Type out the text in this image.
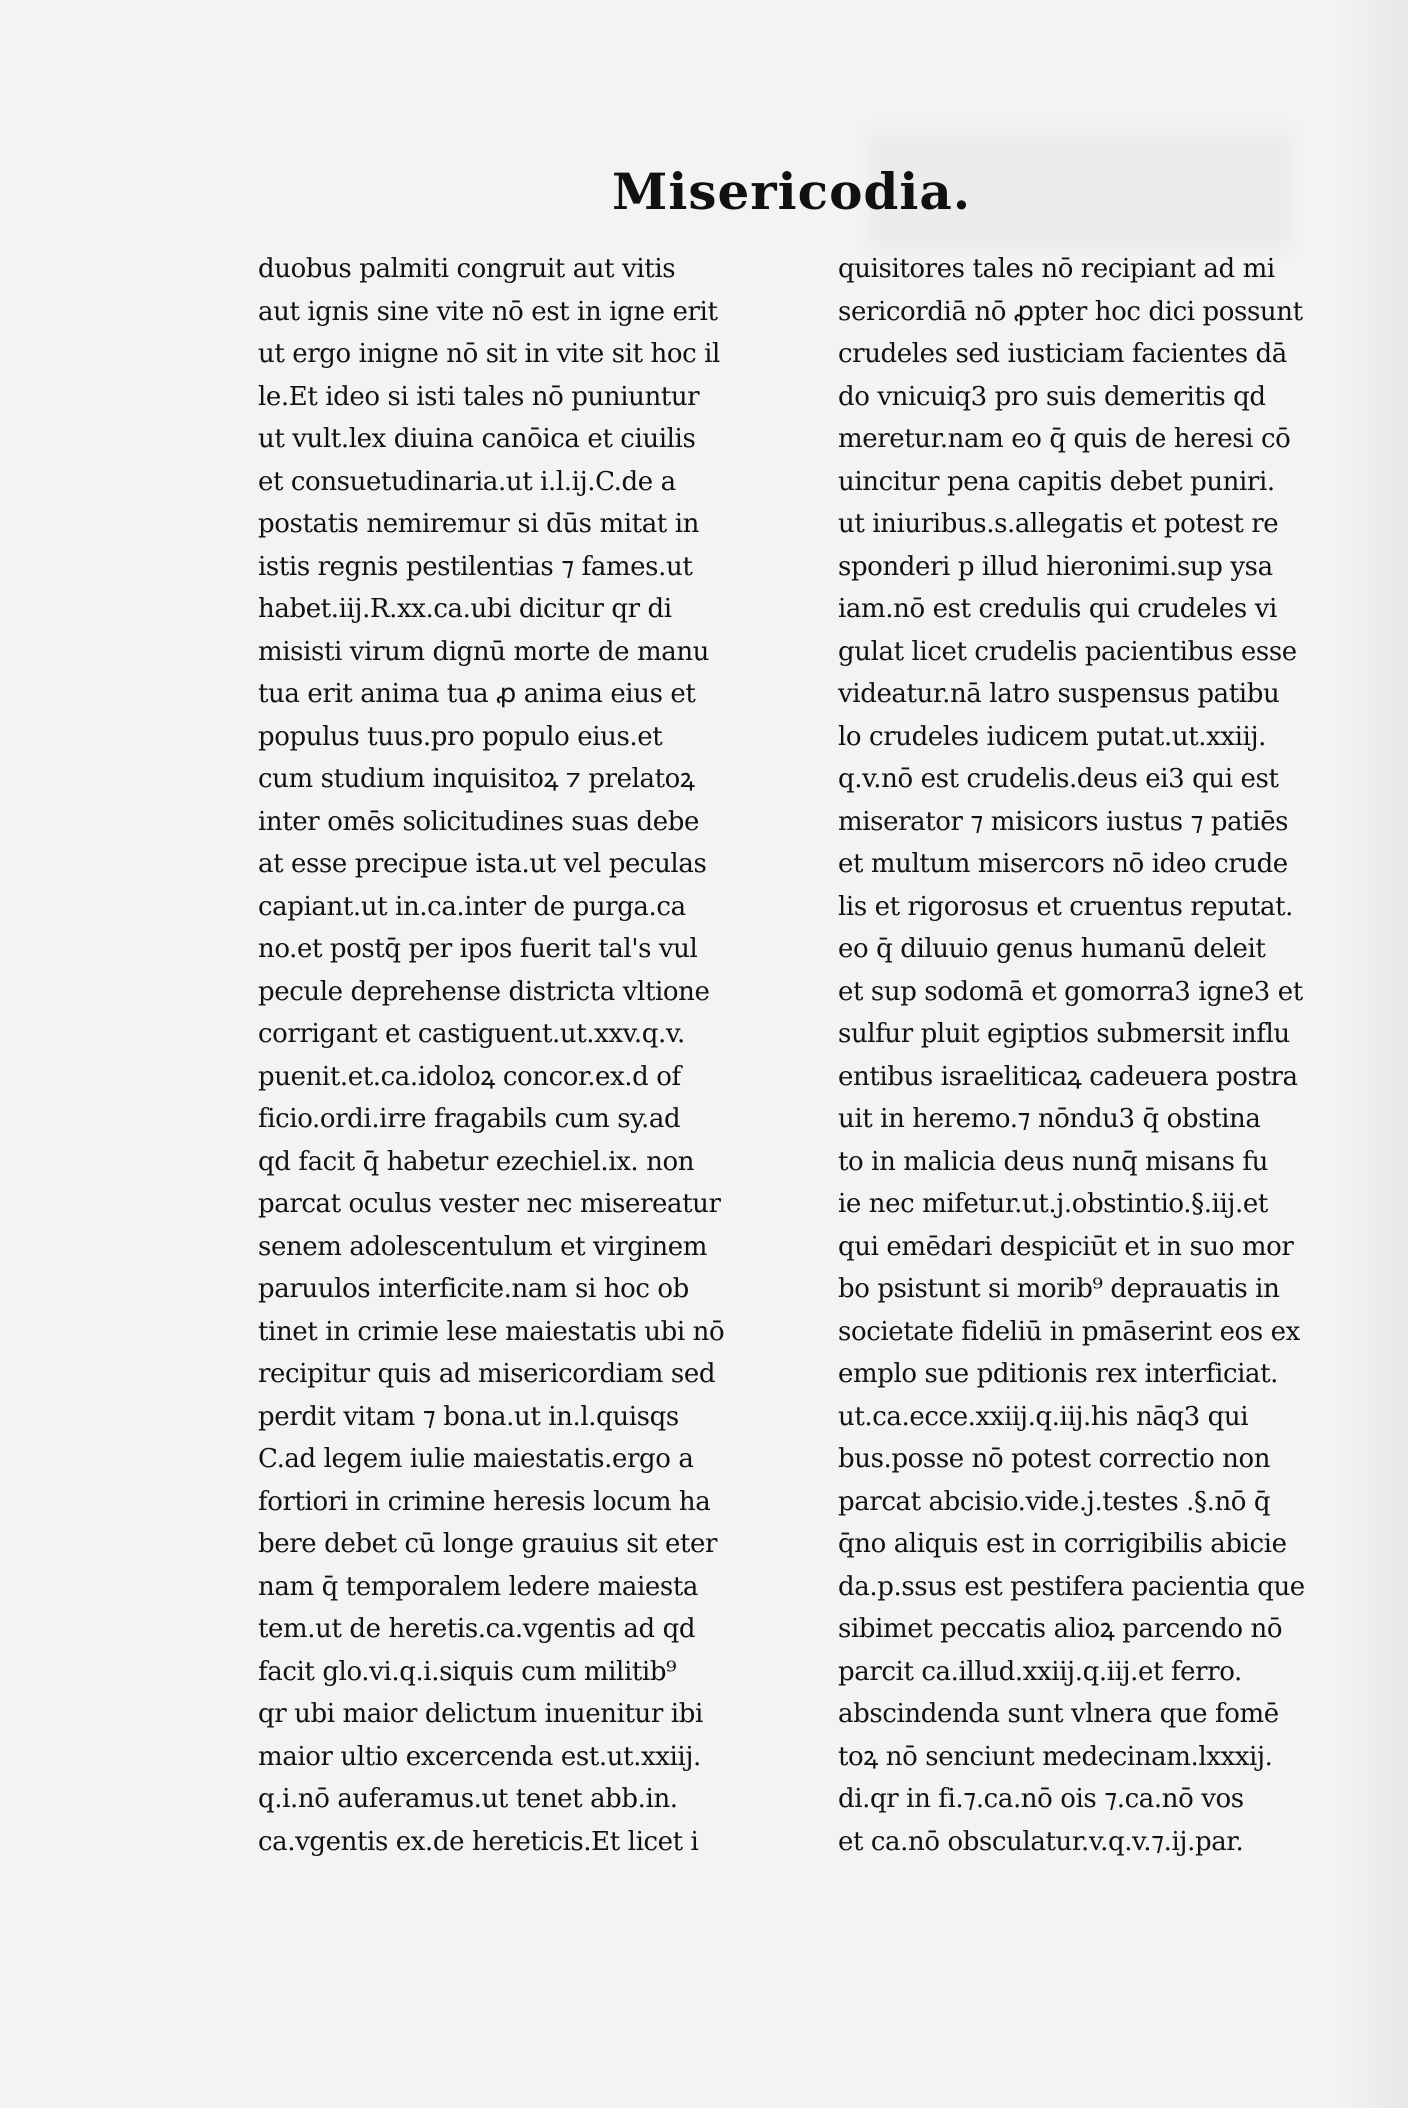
Misericodia.
duobus palmiti congruit aut vitis
aut ignis sine vite nō est in igne erit
ut ergo inigne nō sit in vite sit hoc il
le.Et ideo si isti tales nō puniuntur
ut vult.lex diuina canōica et ciuilis
et consuetudinaria.ut i.l.ij.C.de a
postatis nemiremur si dūs mitat in
istis regnis pestilentias ⁊ fames.ut
habet.iij.R.xx.ca.ubi dicitur qr di
misisti virum dignū morte de manu
tua erit anima tua ꝓ anima eius et
populus tuus.pro populo eius.et
cum studium inquisitoꝝ ⁊ prelatoꝝ
inter omēs solicitudines suas debe
at esse precipue ista.ut vel peculas
capiant.ut in.ca.inter de purga.ca
no.et postq̄ per ipos fuerit tal's vul
pecule deprehense districta vltione
corrigant et castiguent.ut.xxv.q.v.
puenit.et.ca.idoloꝝ concor.ex.d of
ficio.ordi.irre fragabils cum sy.ad
qd facit q̄ habetur ezechiel.ix. non
parcat oculus vester nec misereatur
senem adolescentulum et virginem
paruulos interficite.nam si hoc ob
tinet in crimie lese maiestatis ubi nō
recipitur quis ad misericordiam sed
perdit vitam ⁊ bona.ut in.l.quisqs
C.ad legem iulie maiestatis.ergo a
fortiori in crimine heresis locum ha
bere debet cū longe grauius sit eter
nam q̄ temporalem ledere maiesta
tem.ut de heretis.ca.vgentis ad qd
facit glo.vi.q.i.siquis cum militib⁹
qr ubi maior delictum inuenitur ibi
maior ultio excercenda est.ut.xxiij.
q.i.nō auferamus.ut tenet abb.in.
ca.vgentis ex.de hereticis.Et licet i
quisitores tales nō recipiant ad mi
sericordiā nō ꝓpter hoc dici possunt
crudeles sed iusticiam facientes dā
do vnicuiq3 pro suis demeritis qd
meretur.nam eo q̄ quis de heresi cō
uincitur pena capitis debet puniri.
ut iniuribus.s.allegatis et potest re
sponderi p illud hieronimi.sup ysa
iam.nō est credulis qui crudeles vi
gulat licet crudelis pacientibus esse
videatur.nā latro suspensus patibu
lo crudeles iudicem putat.ut.xxiij.
q.v.nō est crudelis.deus ei3 qui est
miserator ⁊ misicors iustus ⁊ patiēs
et multum misercors nō ideo crude
lis et rigorosus et cruentus reputat.
eo q̄ diluuio genus humanū deleit
et sup sodomā et gomorra3 igne3 et
sulfur pluit egiptios submersit influ
entibus israeliticaꝝ cadeuera postra
uit in heremo.⁊ nōndu3 q̄ obstina
to in malicia deus nunq̄ misans fu
ie nec mifetur.ut.j.obstintio.§.iij.et
qui emēdari despiciūt et in suo mor
bo psistunt si morib⁹ deprauatis in
societate fideliū in pmāserint eos ex
emplo sue pditionis rex interficiat.
ut.ca.ecce.xxiij.q.iij.his nāq3 qui
bus.posse nō potest correctio non
parcat abcisio.vide.j.testes .§.nō q̄
q̄no aliquis est in corrigibilis abicie
da.p.ssus est pestifera pacientia que
sibimet peccatis alioꝝ parcendo nō
parcit ca.illud.xxiij.q.iij.et ferro.
abscindenda sunt vlnera que fomē
toꝝ nō senciunt medecinam.lxxxij.
di.qr in fi.⁊.ca.nō ois ⁊.ca.nō vos
et ca.nō obsculatur.v.q.v.⁊.ij.par.
